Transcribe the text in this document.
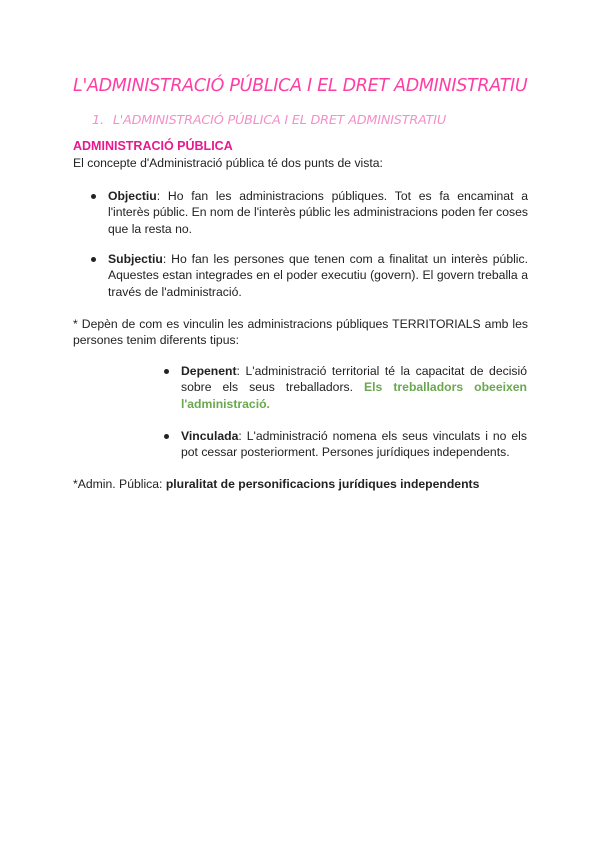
L'ADMINISTRACIÓ PÚBLICA I EL DRET ADMINISTRATIU
1. L'ADMINISTRACIÓ PÚBLICA I EL DRET ADMINISTRATIU
ADMINISTRACIÓ PÚBLICA
El concepte d'Administració pública té dos punts de vista:
Objectiu: Ho fan les administracions públiques. Tot es fa encaminat a l'interès públic. En nom de l'interès públic les administracions poden fer coses que la resta no.
Subjectiu: Ho fan les persones que tenen com a finalitat un interès públic. Aquestes estan integrades en el poder executiu (govern). El govern treballa a través de l'administració.
* Depèn de com es vinculin les administracions públiques TERRITORIALS amb les persones tenim diferents tipus:
Depenent: L'administració territorial té la capacitat de decisió sobre els seus treballadors. Els treballadors obeeixen l'administració.
Vinculada: L'administració nomena els seus vinculats i no els pot cessar posteriorment. Persones jurídiques independents.
*Admin. Pública: pluralitat de personificacions jurídiques independents
